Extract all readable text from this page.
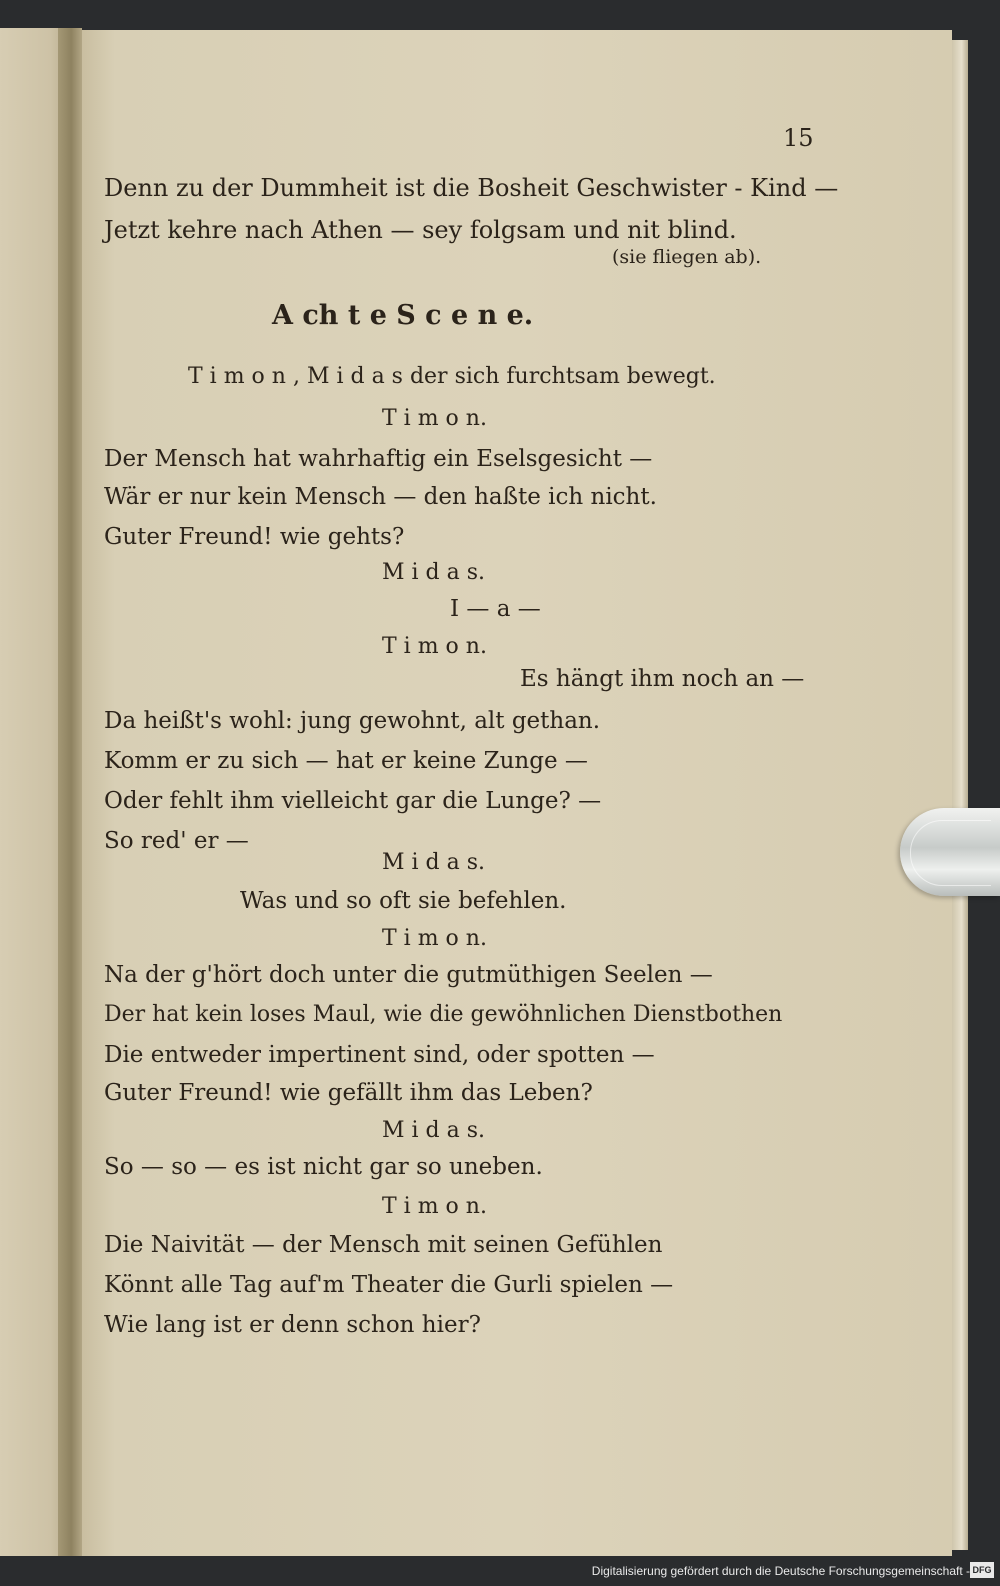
15
Denn zu der Dummheit ist die Bosheit Geschwister - Kind —
Jetzt kehre nach Athen — sey folgsam und nit blind.
(sie fliegen ab).
A ch t e S c e n e.
T i m o n , M i d a s der sich furchtsam bewegt.
T i m o n.
Der Mensch hat wahrhaftig ein Eselsgesicht —
Wär er nur kein Mensch — den haßte ich nicht.
Guter Freund! wie gehts?
M i d a s.
I — a —
T i m o n.
Es hängt ihm noch an —
Da heißt's wohl: jung gewohnt, alt gethan.
Komm er zu sich — hat er keine Zunge —
Oder fehlt ihm vielleicht gar die Lunge? —
So red' er —
M i d a s.
Was und so oft sie befehlen.
T i m o n.
Na der g'hört doch unter die gutmüthigen Seelen —
Der hat kein loses Maul, wie die gewöhnlichen Dienstbothen
Die entweder impertinent sind, oder spotten —
Guter Freund! wie gefällt ihm das Leben?
M i d a s.
So — so — es ist nicht gar so uneben.
T i m o n.
Die Naivität — der Mensch mit seinen Gefühlen
Könnt alle Tag auf'm Theater die Gurli spielen —
Wie lang ist er denn schon hier?
Digitalisierung gefördert durch die Deutsche Forschungsgemeinschaft - DFG
